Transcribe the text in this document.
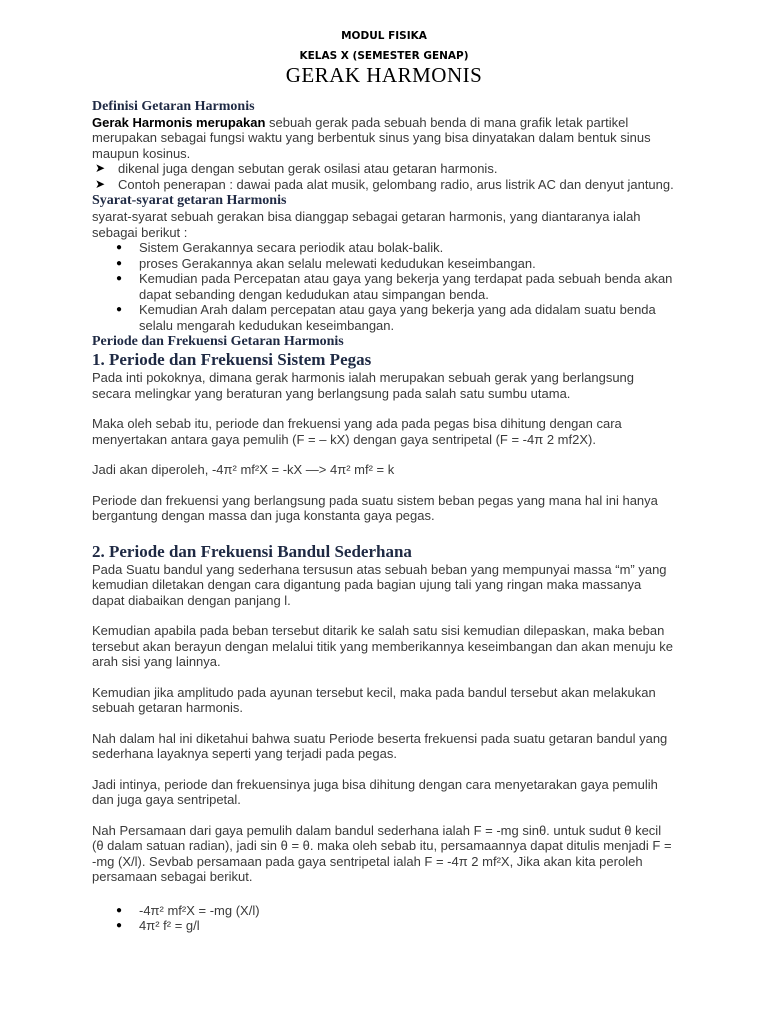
MODUL FISIKA
KELAS X (SEMESTER GENAP)
GERAK HARMONIS
Definisi Getaran Harmonis

Gerak Harmonis merupakan sebuah gerak pada sebuah benda di mana grafik letak partikel merupakan sebagai fungsi waktu yang berbentuk sinus yang bisa dinyatakan dalam bentuk sinus maupun kosinus.

➤ dikenal juga dengan sebutan gerak osilasi atau getaran harmonis.
➤ Contoh penerapan : dawai pada alat musik, gelombang radio, arus listrik AC dan denyut jantung.
Syarat-syarat getaran Harmonis

syarat-syarat sebuah gerakan bisa dianggap sebagai getaran harmonis, yang diantaranya ialah sebagai berikut :

● Sistem Gerakannya secara periodik atau bolak-balik.
● proses Gerakannya akan selalu melewati kedudukan keseimbangan.
● Kemudian pada Percepatan atau gaya yang bekerja yang terdapat pada sebuah benda akan dapat sebanding dengan kedudukan atau simpangan benda.
● Kemudian Arah dalam percepatan atau gaya yang bekerja yang ada didalam suatu benda selalu mengarah kedudukan keseimbangan.
Periode dan Frekuensi Getaran Harmonis
1. Periode dan Frekuensi Sistem Pegas

Pada inti pokoknya, dimana gerak harmonis ialah merupakan sebuah gerak yang berlangsung secara melingkar yang beraturan yang berlangsung pada salah satu sumbu utama.

Maka oleh sebab itu, periode dan frekuensi yang ada pada pegas bisa dihitung dengan cara menyertakan antara gaya pemulih (F = – kX) dengan gaya sentripetal (F = -4π 2 mf2X).

Jadi akan diperoleh, -4π² mf²X = -kX —> 4π² mf² = k

Periode dan frekuensi yang berlangsung pada suatu sistem beban pegas yang mana hal ini hanya bergantung dengan massa dan juga konstanta gaya pegas.

2. Periode dan Frekuensi Bandul Sederhana

Pada Suatu bandul yang sederhana tersusun atas sebuah beban yang mempunyai massa “m” yang kemudian diletakan dengan cara digantung pada bagian ujung tali yang ringan maka massanya dapat diabaikan dengan panjang l.

Kemudian apabila pada beban tersebut ditarik ke salah satu sisi kemudian dilepaskan, maka beban tersebut akan berayun dengan melalui titik yang memberikannya keseimbangan dan akan menuju ke arah sisi yang lainnya.

Kemudian jika amplitudo pada ayunan tersebut kecil, maka pada bandul tersebut akan melakukan sebuah getaran harmonis.

Nah dalam hal ini diketahui bahwa suatu Periode beserta frekuensi pada suatu getaran bandul yang sederhana layaknya seperti yang terjadi pada pegas.

Jadi intinya, periode dan frekuensinya juga bisa dihitung dengan cara menyetarakan gaya pemulih dan juga gaya sentripetal.

Nah Persamaan dari gaya pemulih dalam bandul sederhana ialah F = -mg sinθ. untuk sudut θ kecil (θ dalam satuan radian), jadi sin θ = θ. maka oleh sebab itu, persamaannya dapat ditulis menjadi F = -mg (X/l). Sevbab persamaan pada gaya sentripetal ialah F = -4π 2 mf²X, Jika akan kita peroleh persamaan sebagai berikut.

● -4π² mf²X = -mg (X/l)
● 4π² f² = g/l
